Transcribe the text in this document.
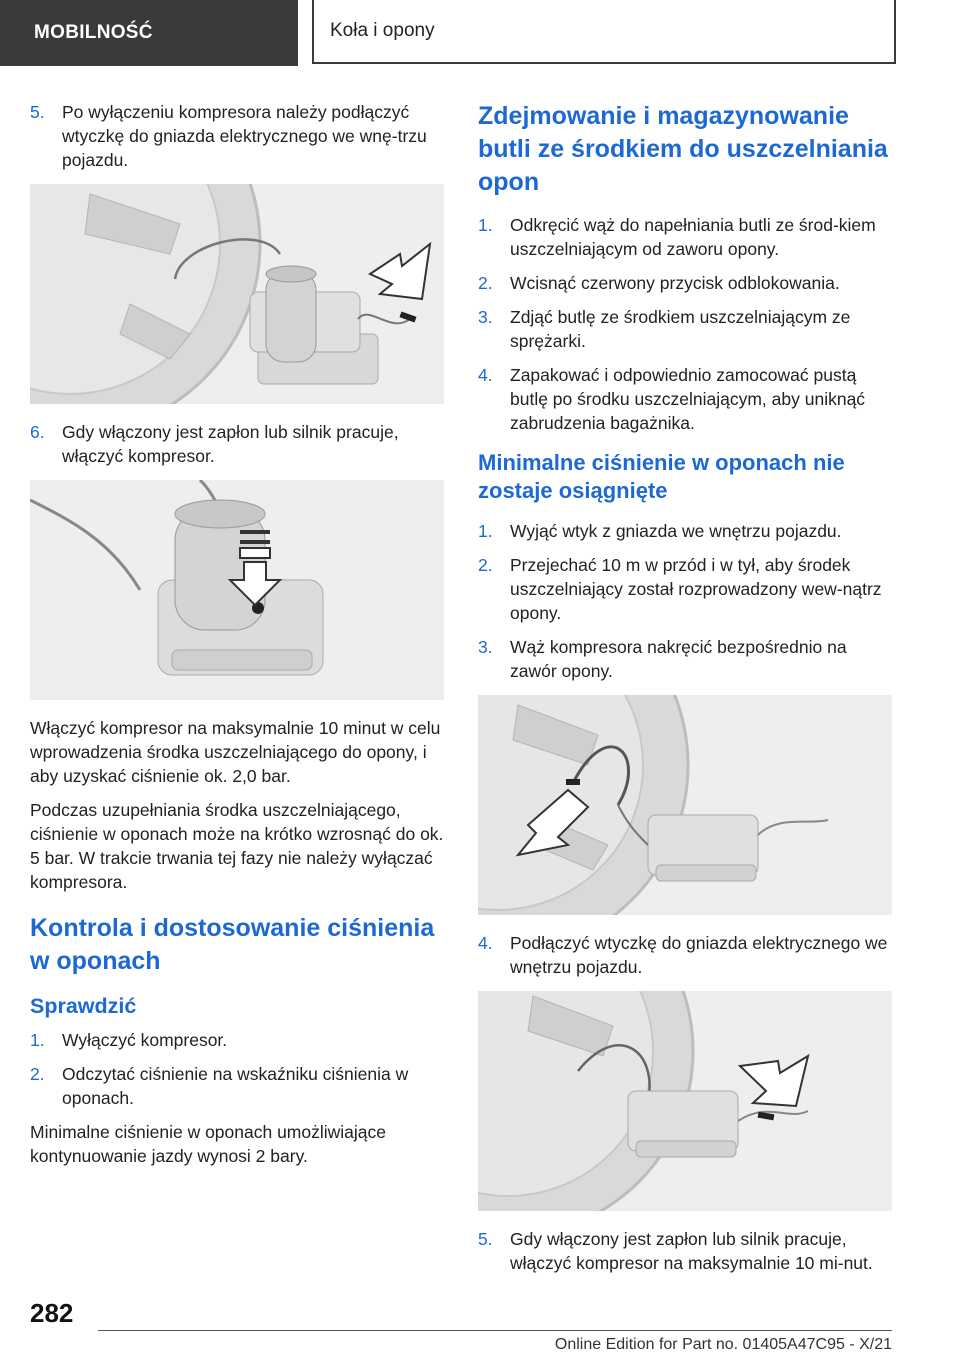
MOBILNOŚĆ	Koła i opony
5. Po wyłączeniu kompresora należy podłączyć wtyczkę do gniazda elektrycznego we wnę-trzu pojazdu.
6. Gdy włączony jest zapłon lub silnik pracuje, włączyć kompresor.

Włączyć kompresor na maksymalnie 10 minut w celu wprowadzenia środka uszczelniającego do opony, i aby uzyskać ciśnienie ok. 2,0 bar.

Podczas uzupełniania środka uszczelniającego, ciśnienie w oponach może na krótko wzrosnąć do ok. 5 bar. W trakcie trwania tej fazy nie należy wyłączać kompresora.

Kontrola i dostosowanie ciśnienia w oponach
Sprawdzić
1. Wyłączyć kompresor.
2. Odczytać ciśnienie na wskaźniku ciśnienia w oponach.

Minimalne ciśnienie w oponach umożliwiające kontynuowanie jazdy wynosi 2 bary.

Zdejmowanie i magazynowanie butli ze środkiem do uszczelniania opon
1. Odkręcić wąż do napełniania butli ze środ-kiem uszczelniającym od zaworu opony.
2. Wcisnąć czerwony przycisk odblokowania.
3. Zdjąć butlę ze środkiem uszczelniającym ze sprężarki.
4. Zapakować i odpowiednio zamocować pustą butlę po środku uszczelniającym, aby uniknąć zabrudzenia bagażnika.
Minimalne ciśnienie w oponach nie zostaje osiągnięte
1. Wyjąć wtyk z gniazda we wnętrzu pojazdu.
2. Przejechać 10 m w przód i w tył, aby środek uszczelniający został rozprowadzony wew-nątrz opony.
3. Wąż kompresora nakręcić bezpośrednio na zawór opony.
4. Podłączyć wtyczkę do gniazda elektrycznego we wnętrzu pojazdu.
5. Gdy włączony jest zapłon lub silnik pracuje, włączyć kompresor na maksymalnie 10 mi-nut.
282
Online Edition for Part no. 01405A47C95 - X/21
